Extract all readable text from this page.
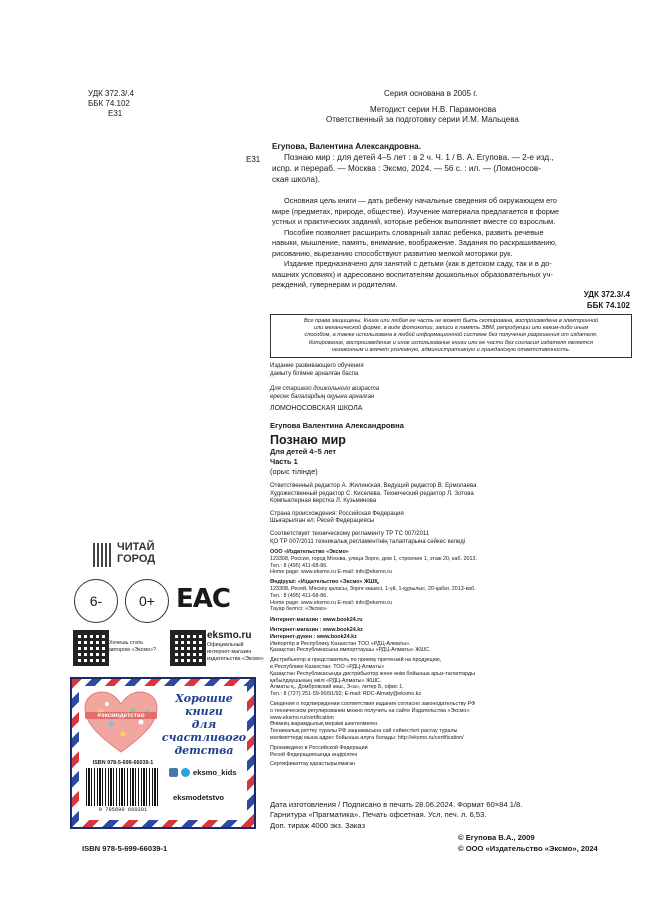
УДК 372.3/.4
ББК 74.102
Е31
Серия основана в 2005 г.
Методист серии Н.В. Парамонова
Ответственный за подготовку серии И.М. Мальцева
Е31
Егупова, Валентина Александровна.
Познаю мир : для детей 4–5 лет : в 2 ч. Ч. 1 / В. А. Егупова. — 2-е изд.,
испр. и перераб. — Москва : Эксмо, 2024. — 56 с. : ил. — (Ломоносов-
ская школа).
Основная цель книги — дать ребенку начальные сведения об окружающем его
мире (предметах, природе, обществе). Изучение материала предлагается в форме
устных и практических заданий, которые ребенок выполняет вместе со взрослым.
Пособие позволяет расширить словарный запас ребенка, развить речевые
навыки, мышление, память, внимание, воображение. Задания по раскрашиванию,
рисованию, вырезанию способствуют развитию мелкой моторики рук.
Издание предназначено для занятий с детьми (как в детском саду, так и в до-
машних условиях) и адресовано воспитателям дошкольных образовательных уч-
реждений, гувернерам и родителям.
УДК 372.3/.4
ББК 74.102
Все права защищены. Книга или любая ее часть не может быть скопирована, воспроизведена в электронной
или механической форме, в виде фотокопии, записи в память ЭВМ, репродукции или каким-либо иным
способом, а также использована в любой информационной системе без получения разрешения от издателя.
Копирование, воспроизведение и иное использование книги или ее части без согласия издателя является
незаконным и влечет уголовную, административную и гражданскую ответственность.
Издание развивающего обучения
дамыту білімне арналған баспа
Для старшего дошкольного возраста
ересек балалардың оқуына арналған
ЛОМОНОСОВСКАЯ ШКОЛА
Егупова Валентина Александровна
Познаю мир
Для детей 4–5 лет
Часть 1
(орыс тілінде)
Ответственный редактор А. Жилинская. Ведущий редактор В. Ермолаева
Художественный редактор С. Киселева. Технический редактор Л. Зотова
Компьютерная верстка Л. Кузьминова
Страна происхождения: Российская Федерация
Шығарылған ел: Ресей Федерациясы
Соответствует техническому регламенту ТР ТС 007/2011
ҚО ТР 007/2011 техникалық регламентінің талаптарына сәйкес келеді
ООО «Издательство «Эксмо»
123308, Россия, город Москва, улица Зорге, дом 1, строение 1, этаж 20, каб. 2013.
Тел.: 8 (495) 411-68-86.
Home page: www.eksmo.ru E-mail: info@eksmo.ru
Өндіруші: «Издательство «Эксмо» ЖШҚ,
123308, Ресей, Мәскеу қаласы, Зорге көшесі, 1-үй, 1-құрылыс, 20-қабат, 2013-каб.
Тел.: 8 (495) 411-68-86.
Home page: www.eksmo.ru E-mail: info@eksmo.ru
Тауар белгісі: «Эксмо»
Интернет-магазин : www.book24.ru
Интернет-магазин : www.book24.kz
Интернет-дүкен : www.book24.kz
Импортёр в Республику Казахстан ТОО «РДЦ-Алматы».
Қазақстан Республикасына импорттаушы «РДЦ-Алматы» ЖШС.
Дистрибьютор и представитель по приему претензий на продукцию,
в Республике Казахстан: ТОО «РДЦ-Алматы»
Қазақстан Республикасында дистрибьютор және өнім бойынша арыз-талаптарды
қабылдаушының өкілі «РДЦ-Алматы» ЖШС.
Алматы қ., Домбровский көш., 3«а», литер Б, офис 1.
Тел.: 8 (727) 251-59-90/91/92; E-mail: RDC-Almaty@eksmo.kz
Сведения о подтверждении соответствия издания согласно законодательству РФ
о техническом регулировании можно получить на сайте Издательства «Эксмо»:
www.eksmo.ru/certification
Өнімнің жарамдылық мерзімі шектелмеген.
Техникалық реттеу туралы РФ заңнамасына сай сәйкестікті растау туралы
мәліметтерді мына адрес бойынша алуға болады: http://eksmo.ru/certification/
Произведено в Российской Федерации
Ресей Федерациясында өндірілген
Сертификаттау қарастырылмаған
Дата изготовления / Подписано в печать 28.06.2024. Формат 60×84 1/8.
Гарнитура «Прагматика». Печать офсетная. Усл. печ. л. 6,53.
Доп. тираж 4000 экз. Заказ
ISBN 978-5-699-66039-1
© Егупова В.А., 2009
© ООО «Издательство «Эксмо», 2024
ЧИТАЙ
ГОРОД
6-	0+ EAC
Хочешь стать
автором «Эксмо»?
eksmo.ru
Официальный
интернет-магазин
издательства «Эксмо»
#эксмодетство
Хорошие
книги
для счастливого
детства
ISBN 978-5-699-66039-1
9 785699 660391
eksmo_kids
eksmodetstvo
